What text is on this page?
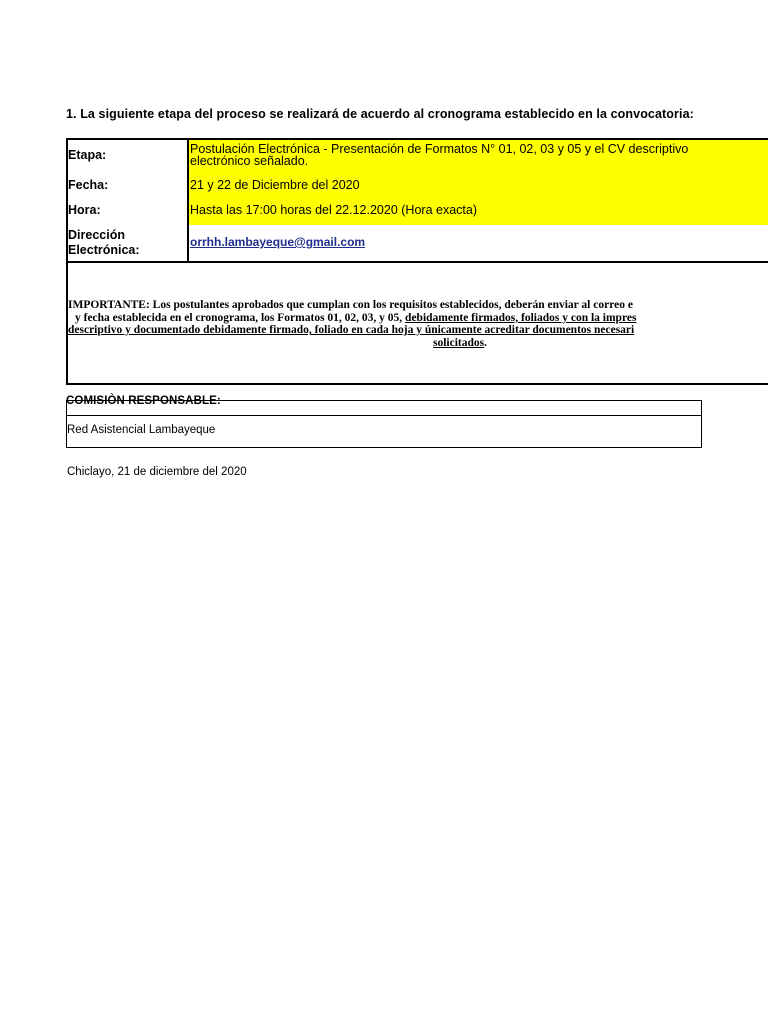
1. La siguiente etapa del proceso se realizará de acuerdo al cronograma establecido en la convocatoria:
Etapa:	Postulación Electrónica - Presentación de Formatos N° 01, 02, 03 y 05 y el CV descriptivo
electrónico señalado.
Fecha:	21 y 22 de Diciembre del 2020
Hora:	Hasta las 17:00 horas del 22.12.2020 (Hora exacta)
Dirección
Electrónica:
orrhh.lambayeque@gmail.com
IMPORTANTE: Los postulantes aprobados que cumplan con los requisitos establecidos, deberán enviar al correo e
y fecha establecida en el cronograma, los Formatos 01, 02, 03, y 05, debidamente firmados, foliados y con la impres
descriptivo y documentado debidamente firmado, foliado en cada hoja y únicamente acreditar documentos necesari
solicitados.
COMISIÒN RESPONSABLE:
Red Asistencial Lambayeque
Chiclayo, 21 de diciembre del 2020
